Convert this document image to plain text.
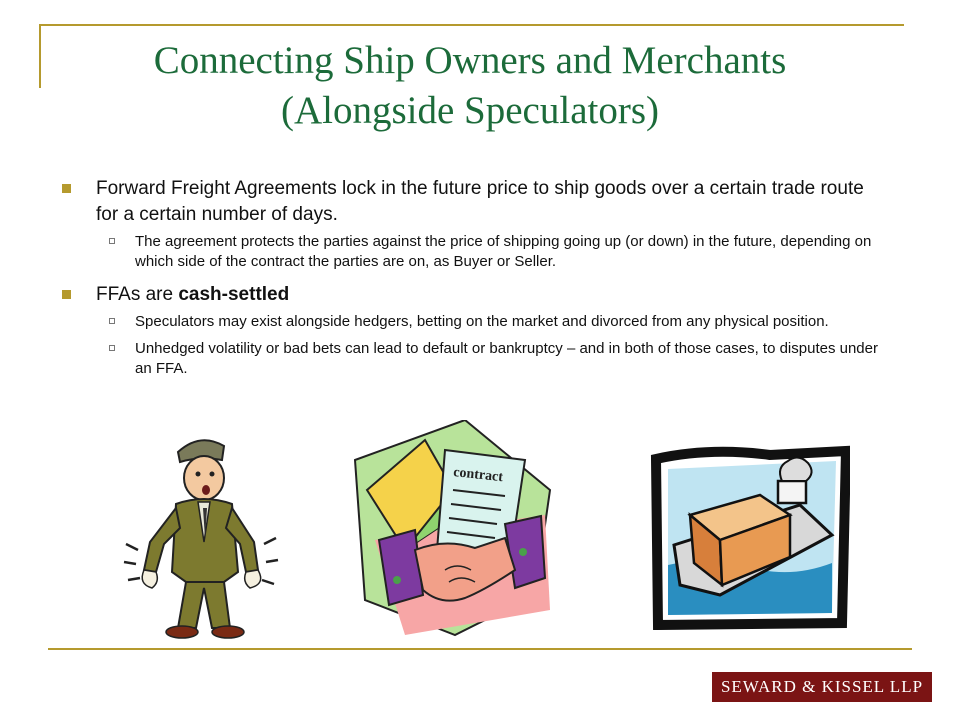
Connecting Ship Owners and Merchants
(Alongside Speculators)
Forward Freight Agreements lock in the future price to ship goods over a certain trade route for a certain number of days.
The agreement protects the parties against the price of shipping going up (or down) in the future, depending on which side of the contract the parties are on, as Buyer or Seller.
FFAs are cash-settled
Speculators may exist alongside hedgers, betting on the market and divorced from any physical position.
Unhedged volatility or bad bets can lead to default or bankruptcy – and in both of those cases, to disputes under an FFA.
contract
SEWARD & KISSEL LLP
